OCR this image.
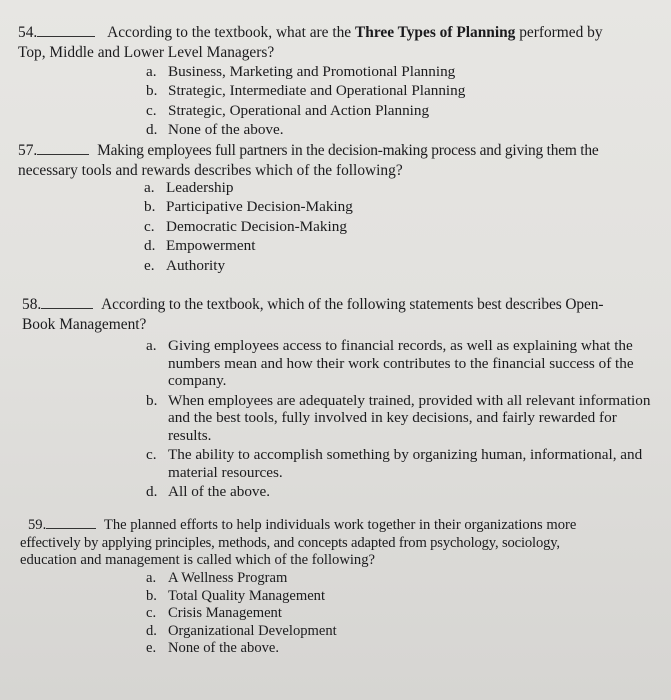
54.	According to the textbook, what are the Three Types of Planning performed by
Top, Middle and Lower Level Managers?
a. Business, Marketing and Promotional Planning
b. Strategic, Intermediate and Operational Planning
c. Strategic, Operational and Action Planning
d. None of the above.
57.	Making employees full partners in the decision-making process and giving them the
necessary tools and rewards describes which of the following?
a. Leadership
b. Participative Decision-Making
c. Democratic Decision-Making
d. Empowerment
e. Authority
58.	According to the textbook, which of the following statements best describes Open-
Book Management?
a. Giving employees access to financial records, as well as explaining what the numbers mean and how their work contributes to the financial success of the company.
b. When employees are adequately trained, provided with all relevant information and the best tools, fully involved in key decisions, and fairly rewarded for results.
c. The ability to accomplish something by organizing human, informational, and material resources.
d. All of the above.
59.	The planned efforts to help individuals work together in their organizations more
effectively by applying principles, methods, and concepts adapted from psychology, sociology,
education and management is called which of the following?
a. A Wellness Program
b. Total Quality Management
c. Crisis Management
d. Organizational Development
e. None of the above.
